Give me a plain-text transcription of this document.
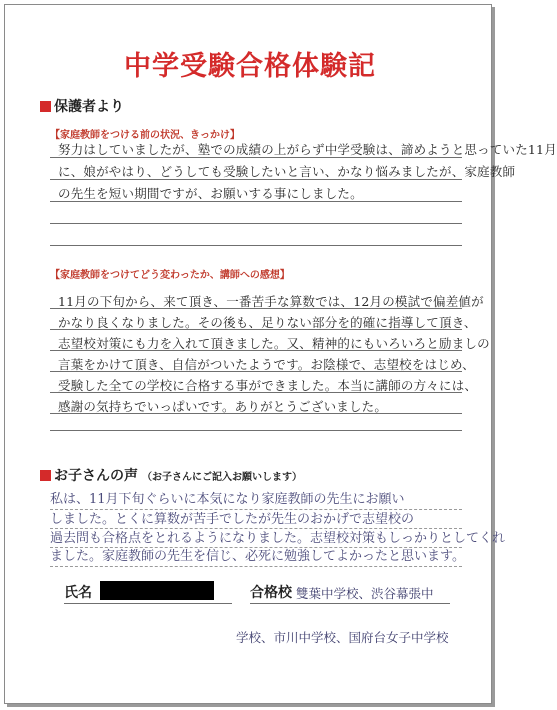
中学受験合格体験記
保護者より
【家庭教師をつける前の状況、きっかけ】
努力はしていましたが、塾での成績の上がらず中学受験は、諦めようと思っていた11月
に、娘がやはり、どうしても受験したいと言い、かなり悩みましたが、家庭教師
の先生を短い期間ですが、お願いする事にしました。
【家庭教師をつけてどう変わったか、講師への感想】
11月の下旬から、来て頂き、一番苦手な算数では、12月の模試で偏差値が
かなり良くなりました。その後も、足りない部分を的確に指導して頂き、
志望校対策にも力を入れて頂きました。又、精神的にもいろいろと励ましの
言葉をかけて頂き、自信がついたようです。お陰様で、志望校をはじめ、
受験した全ての学校に合格する事ができました。本当に講師の方々には、
感謝の気持ちでいっぱいです。ありがとうございました。
お子さんの声 （お子さんにご記入お願いします）
私は、11月下旬ぐらいに本気になり家庭教師の先生にお願い
しました。とくに算数が苦手でしたが先生のおかげで志望校の
過去問も合格点をとれるようになりました。志望校対策もしっかりとしてくれ
ました。家庭教師の先生を信じ、必死に勉強してよかったと思います。
氏名	合格校 雙葉中学校、渋谷幕張中
学校、市川中学校、国府台女子中学校
